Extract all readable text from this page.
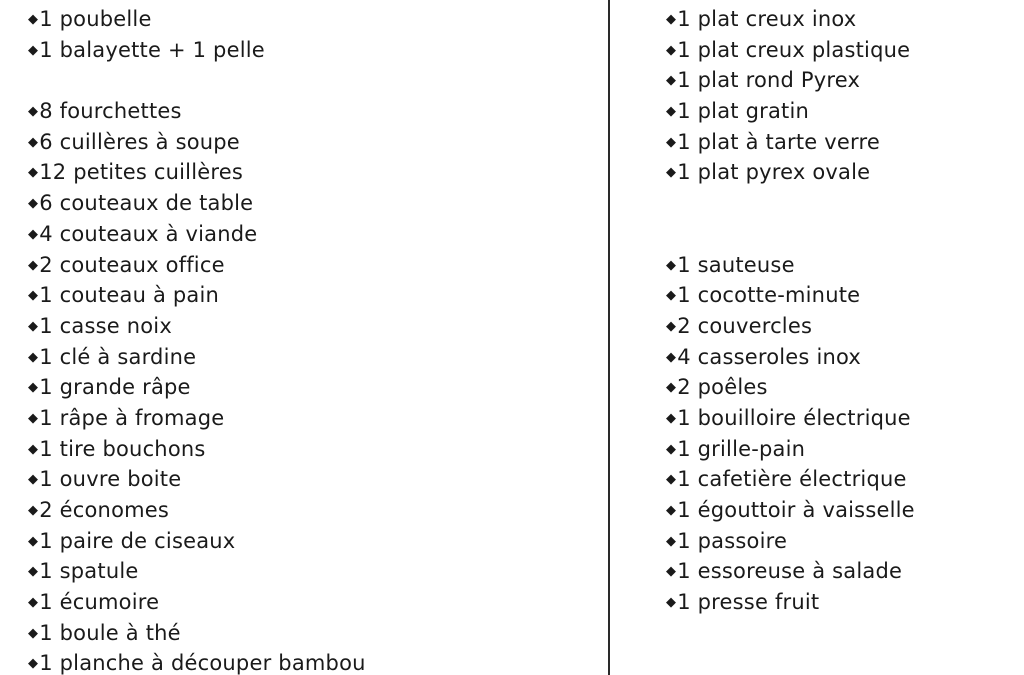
◆1 poubelle
◆1 balayette + 1 pelle
◆8 fourchettes
◆6 cuillères à soupe
◆12 petites cuillères
◆6 couteaux de table
◆4 couteaux à viande
◆2 couteaux office
◆1 couteau à pain
◆1 casse noix
◆1 clé à sardine
◆1 grande râpe
◆1 râpe à fromage
◆1 tire bouchons
◆1 ouvre boite
◆2 économes
◆1 paire de ciseaux
◆1 spatule
◆1 écumoire
◆1 boule à thé
◆1 planche à découper bambou
◆1 plat creux inox
◆1 plat creux plastique
◆1 plat rond Pyrex
◆1 plat gratin
◆1 plat à tarte verre
◆1 plat pyrex ovale
◆1 sauteuse
◆1 cocotte-minute
◆2 couvercles
◆4 casseroles inox
◆2 poêles
◆1 bouilloire électrique
◆1 grille-pain
◆1 cafetière électrique
◆1 égouttoir à vaisselle
◆1 passoire
◆1 essoreuse à salade
◆1 presse fruit
